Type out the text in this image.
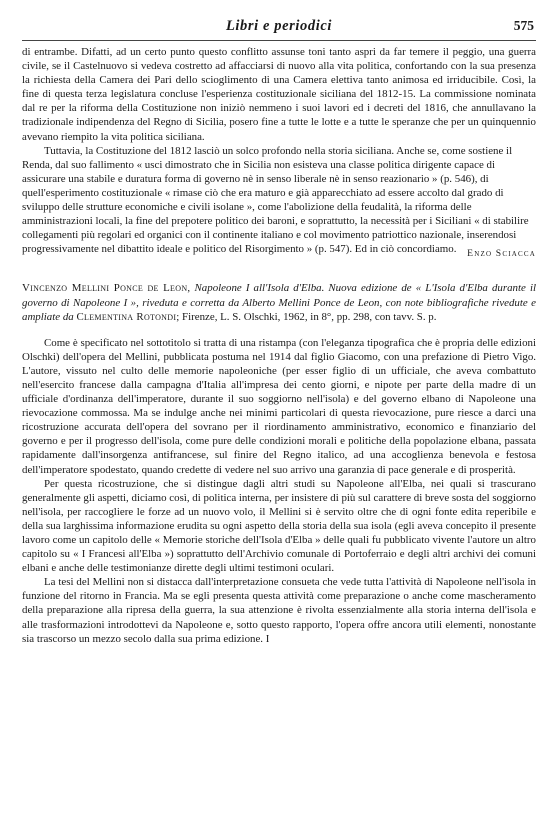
Libri e periodici	575

di entrambe. Difatti, ad un certo punto questo conflitto assunse toni tanto aspri da far temere il peggio, una guerra civile, se il Castelnuovo si vedeva costretto ad affacciarsi di nuovo alla vita politica, confortando con la sua presenza la richiesta della Camera dei Pari dello scioglimento di una Camera elettiva tanto animosa ed irriducibile. Così, la fine di questa terza legislatura concluse l'esperienza costituzionale siciliana del 1812-15. La commissione nominata dal re per la riforma della Costituzione non iniziò nemmeno i suoi lavori ed i decreti del 1816, che annullavano la tradizionale indipendenza del Regno di Sicilia, posero fine a tutte le lotte e a tutte le speranze che per un quinquennio avevano riempito la vita politica siciliana.

Tuttavia, la Costituzione del 1812 lasciò un solco profondo nella storia siciliana. Anche se, come sostiene il Renda, dal suo fallimento « usci dimostrato che in Sicilia non esisteva una classe politica dirigente capace di assicurare una stabile e duratura forma di governo nè in senso liberale nè in senso reazionario » (p. 546), di quell'esperimento costituzionale « rimase ciò che era maturo e già apparecchiato ad essere accolto dal grado di sviluppo delle strutture economiche e civili isolane », come l'abolizione della feudalità, la riforma delle amministrazioni locali, la fine del prepotere politico dei baroni, e soprattutto, la necessità per i Siciliani « di stabilire collegamenti più regolari ed organici con il continente italiano e col movimento patriottico nazionale, inserendosi progressivamente nel dibattito ideale e politico del Risorgimento » (p. 547). Ed in ciò concordiamo.	Enzo Sciacca
Vincenzo Mellini Ponce de Leon, Napoleone I all'Isola d'Elba. Nuova edizione de « L'Isola d'Elba durante il governo di Napoleone I », riveduta e corretta da Alberto Mellini Ponce de Leon, con note bibliografiche rivedute e ampliate da Clementina Rotondi; Firenze, L. S. Olschki, 1962, in 8°, pp. 298, con tavv. S. p.

Come è specificato nel sottotitolo si tratta di una ristampa (con l'eleganza tipografica che è propria delle edizioni Olschki) dell'opera del Mellini, pubblicata postuma nel 1914 dal figlio Giacomo, con una prefazione di Pietro Vigo. L'autore, vissuto nel culto delle memorie napoleoniche (per esser figlio di un ufficiale, che aveva combattuto nell'esercito francese dalla campagna d'Italia all'impresa dei cento giorni, e nipote per parte della madre di un ufficiale d'ordinanza dell'imperatore, durante il suo soggiorno nell'isola) e del governo elbano di Napoleone una rievocazione commossa. Ma se indulge anche nei minimi particolari di questa rievocazione, pure riesce a darci una ricostruzione accurata dell'opera del sovrano per il riordinamento amministrativo, economico e finanziario del governo e per il progresso dell'isola, come pure delle condizioni morali e politiche della popolazione elbana, passata rapidamente dall'insorgenza antifrancese, sul finire del Regno italico, ad una accoglienza benevola e festosa dell'imperatore spodestato, quando credette di vedere nel suo arrivo una garanzia di pace generale e di prosperità.

Per questa ricostruzione, che si distingue dagli altri studi su Napoleone all'Elba, nei quali si trascurano generalmente gli aspetti, diciamo così, di politica interna, per insistere di più sul carattere di breve sosta del soggiorno nell'isola, per raccogliere le forze ad un nuovo volo, il Mellini si è servito oltre che di ogni fonte edita reperibile e della sua larghissima informazione erudita su ogni aspetto della storia della sua isola (egli aveva concepito il presente lavoro come un capitolo delle « Memorie storiche dell'Isola d'Elba » delle quali fu pubblicato vivente l'autore un altro capitolo su « I Francesi all'Elba ») soprattutto dell'Archivio comunale di Portoferraio e degli altri archivi dei comuni elbani e anche delle testimonianze dirette degli ultimi testimoni oculari.

La tesi del Mellini non si distacca dall'interpretazione consueta che vede tutta l'attività di Napoleone nell'isola in funzione del ritorno in Francia. Ma se egli presenta questa attività come preparazione o anche come mascheramento della preparazione alla ripresa della guerra, la sua attenzione è rivolta essenzialmente alla storia interna dell'isola e alle trasformazioni introdottevi da Napoleone e, sotto questo rapporto, l'opera offre ancora utili elementi, nonostante sia trascorso un mezzo secolo dalla sua prima edizione. I
